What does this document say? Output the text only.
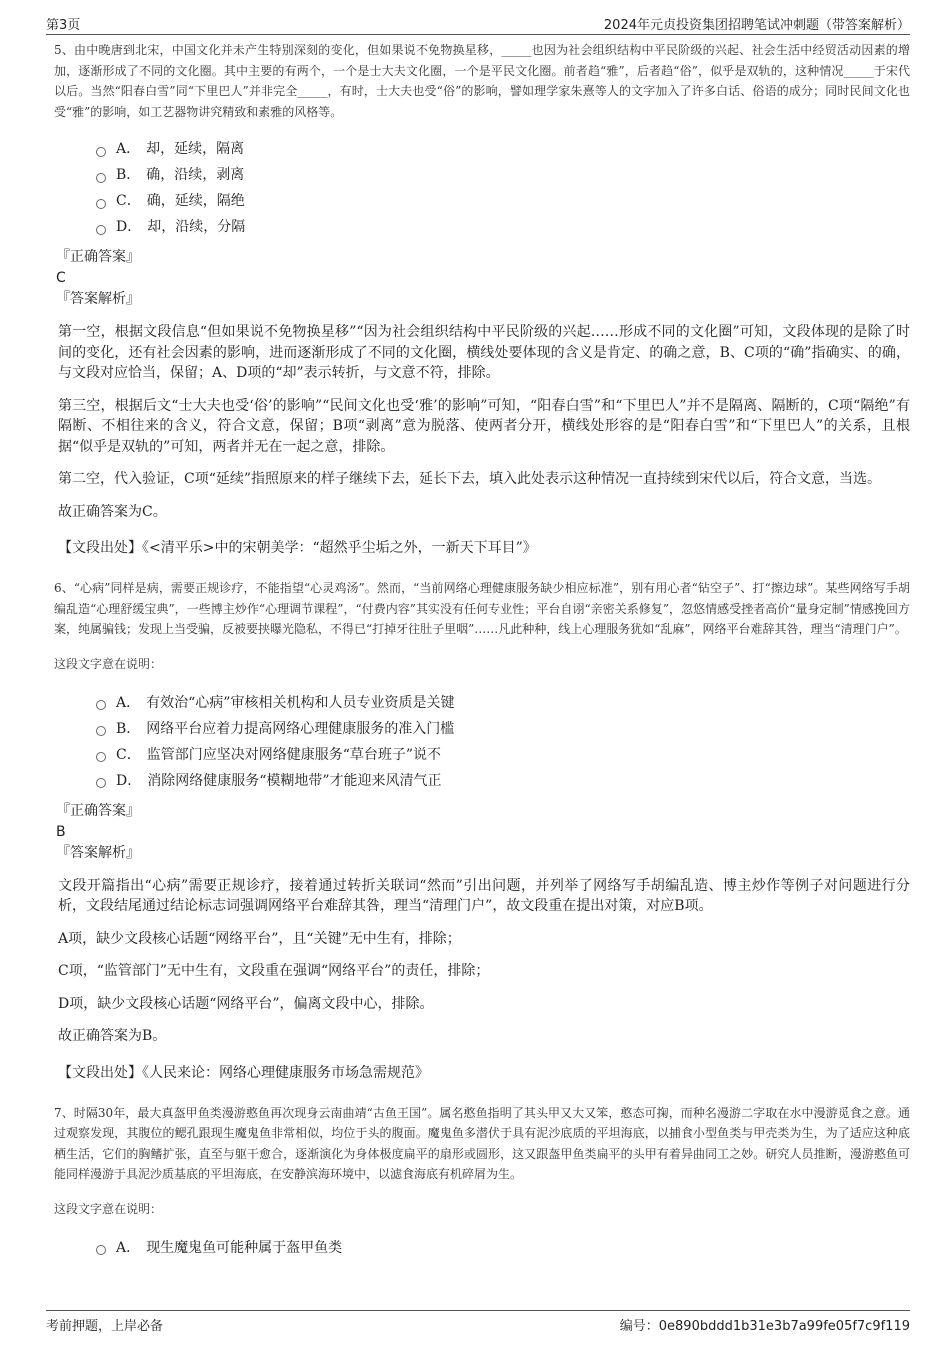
第3页	2024年元贞投资集团招聘笔试冲刺题（带答案解析）

5、由中晚唐到北宋，中国文化并未产生特别深刻的变化，但如果说不免物换星移，_____也因为社会组织结构中平民阶级的兴起、社会生活中经贸活动因素的增加，逐渐形成了不同的文化圈。其中主要的有两个，一个是士大夫文化圈，一个是平民文化圈。前者趋“雅”，后者趋“俗”，似乎是双轨的，这种情况_____于宋代以后。当然“阳春白雪”同“下里巴人”并非完全_____，有时，士大夫也受“俗”的影响，譬如理学家朱熹等人的文字加入了许多白话、俗语的成分；同时民间文化也受“雅”的影响，如工艺器物讲究精致和素雅的风格等。

A． 却，延续，隔离
B． 确，沿续，剥离
C． 确，延续，隔绝
D． 却，沿续，分隔
『正确答案』
C
『答案解析』

第一空，根据文段信息“但如果说不免物换星移”“因为社会组织结构中平民阶级的兴起……形成不同的文化圈”可知，文段体现的是除了时间的变化，还有社会因素的影响，进而逐渐形成了不同的文化圈，横线处要体现的含义是肯定、的确之意，B、C项的“确”指确实、的确，与文段对应恰当，保留；A、D项的“却”表示转折，与文意不符，排除。

第三空，根据后文“士大夫也受‘俗’的影响”“民间文化也受‘雅’的影响”可知，“阳春白雪”和“下里巴人”并不是隔离、隔断的，C项“隔绝”有隔断、不相往来的含义，符合文意，保留；B项“剥离”意为脱落、使两者分开，横线处形容的是“阳春白雪”和“下里巴人”的关系，且根据“似乎是双轨的”可知，两者并无在一起之意，排除。

第二空，代入验证，C项“延续”指照原来的样子继续下去，延长下去，填入此处表示这种情况一直持续到宋代以后，符合文意，当选。

故正确答案为C。

【文段出处】《<清平乐>中的宋朝美学：“超然乎尘垢之外，一新天下耳目”》

6、“心病”同样是病，需要正规诊疗，不能指望“心灵鸡汤”。然而，“当前网络心理健康服务缺少相应标准”，别有用心者“钻空子”、打“擦边球”。某些网络写手胡编乱造“心理舒缓宝典”，一些博主炒作“心理调节课程”，“付费内容”其实没有任何专业性；平台自诩“亲密关系修复”，忽悠情感受挫者高价“量身定制”情感挽回方案，纯属骗钱；发现上当受骗，反被要挟曝光隐私，不得已“打掉牙往肚子里咽”……凡此种种，线上心理服务犹如“乱麻”，网络平台难辞其咎，理当“清理门户”。

这段文字意在说明：

A． 有效治“心病”审核相关机构和人员专业资质是关键
B． 网络平台应着力提高网络心理健康服务的准入门槛
C． 监管部门应坚决对网络健康服务“草台班子”说不
D． 消除网络健康服务“模糊地带”才能迎来风清气正
『正确答案』
B
『答案解析』

文段开篇指出“心病”需要正规诊疗，接着通过转折关联词“然而”引出问题，并列举了网络写手胡编乱造、博主炒作等例子对问题进行分析，文段结尾通过结论标志词强调网络平台难辞其咎，理当“清理门户”，故文段重在提出对策，对应B项。

A项，缺少文段核心话题“网络平台”，且“关键”无中生有，排除；

C项，“监管部门”无中生有，文段重在强调“网络平台”的责任，排除；

D项，缺少文段核心话题“网络平台”，偏离文段中心，排除。

故正确答案为B。

【文段出处】《人民来论：网络心理健康服务市场急需规范》

7、时隔30年，最大真盔甲鱼类漫游憨鱼再次现身云南曲靖“古鱼王国”。属名憨鱼指明了其头甲又大又笨，憨态可掬，而种名漫游二字取在水中漫游觅食之意。通过观察发现，其腹位的鳃孔跟现生魔鬼鱼非常相似，均位于头的腹面。魔鬼鱼多潜伏于具有泥沙底质的平坦海底，以捕食小型鱼类与甲壳类为生，为了适应这种底栖生活，它们的胸鳍扩张，直至与躯干愈合，逐渐演化为身体极度扁平的扇形或圆形，这又跟盔甲鱼类扁平的头甲有着异曲同工之妙。研究人员推断，漫游憨鱼可能同样漫游于具泥沙质基底的平坦海底，在安静滨海环境中，以滤食海底有机碎屑为生。

这段文字意在说明：

A． 现生魔鬼鱼可能种属于盔甲鱼类
考前押题，上岸必备	编号：0e890bddd1b31e3b7a99fe05f7c9f119
